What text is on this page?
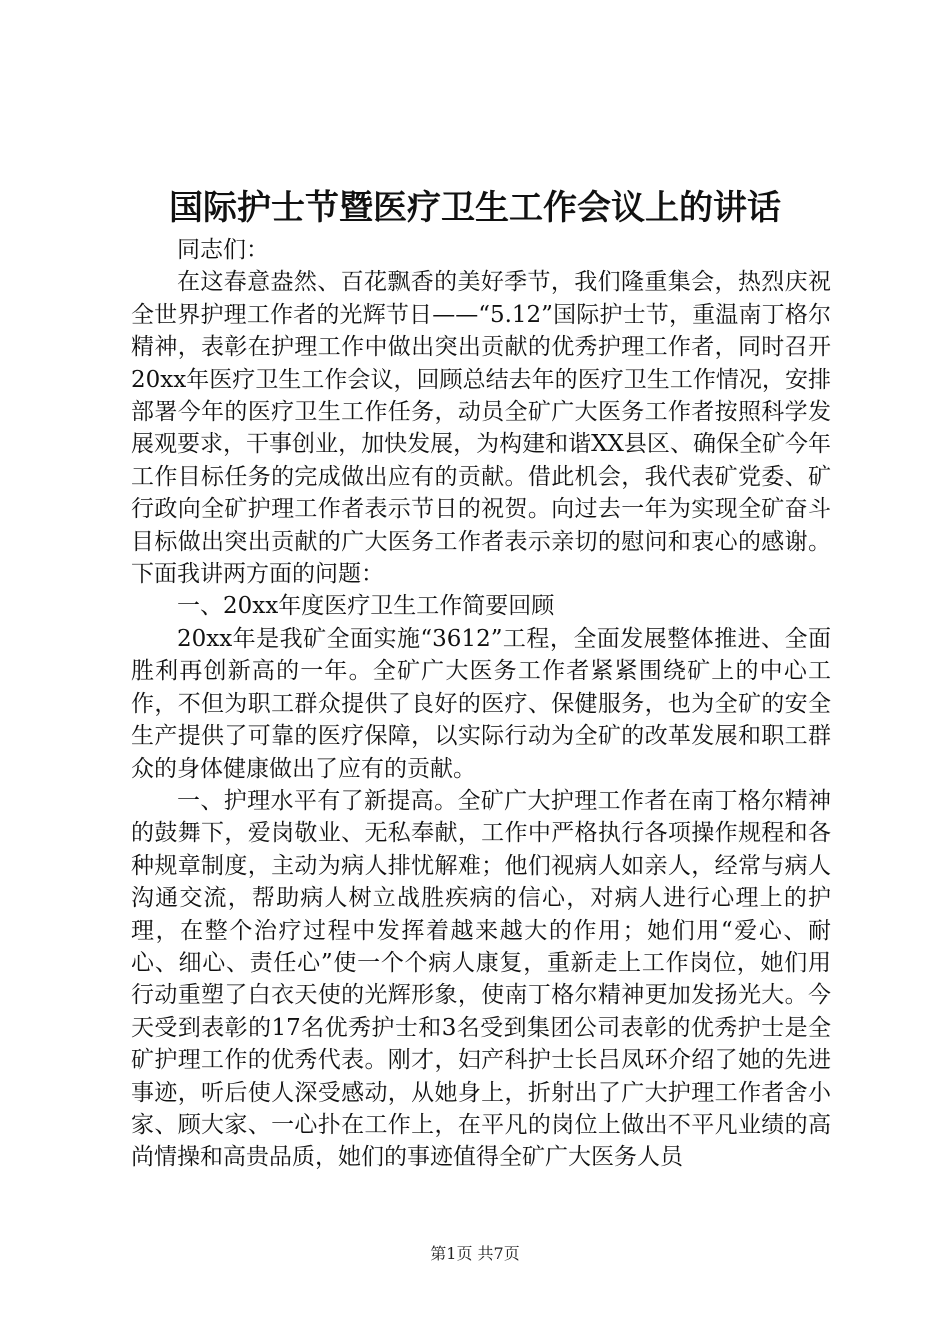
国际护士节暨医疗卫生工作会议上的讲话

同志们：

在这春意盎然、百花飘香的美好季节，我们隆重集会，热烈庆祝全世界护理工作者的光辉节日——“5.12”国际护士节，重温南丁格尔精神，表彰在护理工作中做出突出贡献的优秀护理工作者，同时召开20xx年医疗卫生工作会议，回顾总结去年的医疗卫生工作情况，安排部署今年的医疗卫生工作任务，动员全矿广大医务工作者按照科学发展观要求，干事创业，加快发展，为构建和谐XX县区、确保全矿今年工作目标任务的完成做出应有的贡献。借此机会，我代表矿党委、矿行政向全矿护理工作者表示节日的祝贺。向过去一年为实现全矿奋斗目标做出突出贡献的广大医务工作者表示亲切的慰问和衷心的感谢。下面我讲两方面的问题：

一、20xx年度医疗卫生工作简要回顾

20xx年是我矿全面实施“3612”工程，全面发展整体推进、全面胜利再创新高的一年。全矿广大医务工作者紧紧围绕矿上的中心工作，不但为职工群众提供了良好的医疗、保健服务，也为全矿的安全生产提供了可靠的医疗保障，以实际行动为全矿的改革发展和职工群众的身体健康做出了应有的贡献。

一、护理水平有了新提高。全矿广大护理工作者在南丁格尔精神的鼓舞下，爱岗敬业、无私奉献，工作中严格执行各项操作规程和各种规章制度，主动为病人排忧解难；他们视病人如亲人，经常与病人沟通交流，帮助病人树立战胜疾病的信心，对病人进行心理上的护理，在整个治疗过程中发挥着越来越大的作用；她们用“爱心、耐心、细心、责任心”使一个个病人康复，重新走上工作岗位，她们用行动重塑了白衣天使的光辉形象，使南丁格尔精神更加发扬光大。今天受到表彰的17名优秀护士和3名受到集团公司表彰的优秀护士是全矿护理工作的优秀代表。刚才，妇产科护士长吕凤环介绍了她的先进事迹，听后使人深受感动，从她身上，折射出了广大护理工作者舍小家、顾大家、一心扑在工作上，在平凡的岗位上做出不平凡业绩的高尚情操和高贵品质，她们的事迹值得全矿广大医务人员

第1页 共7页
